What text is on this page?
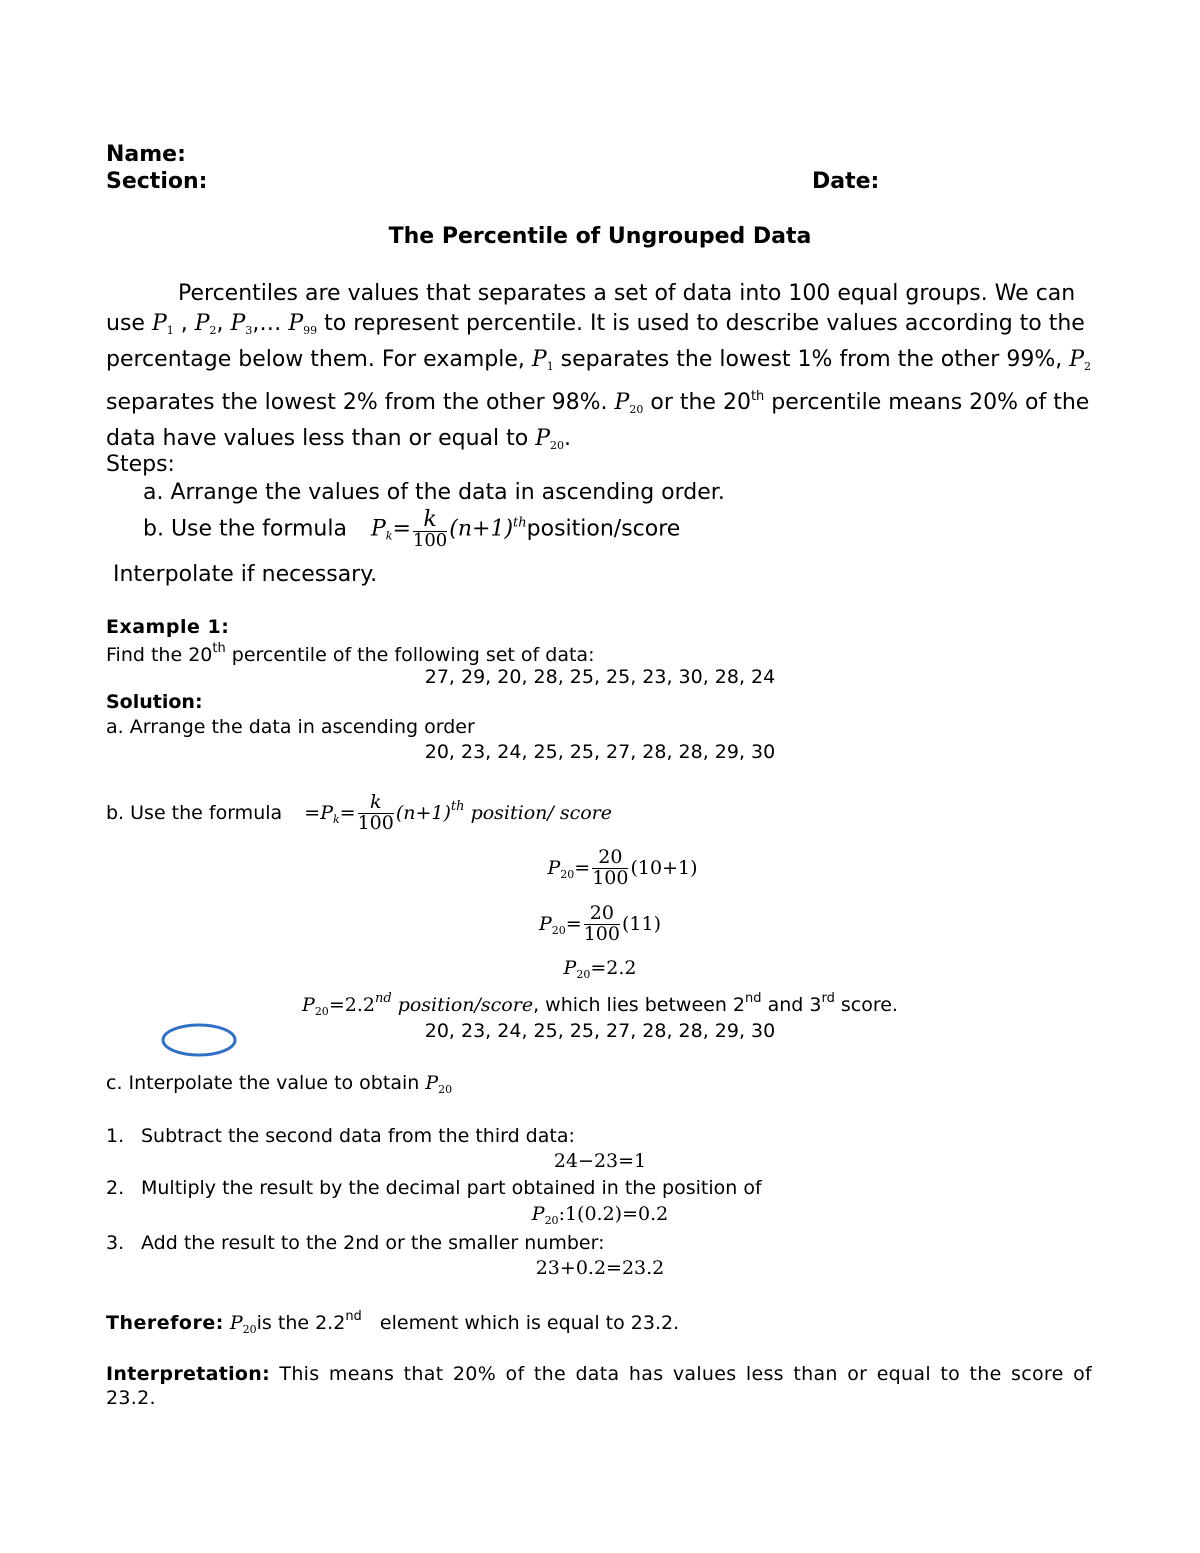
Name:
Section:	Date:
The Percentile of Ungrouped Data
Percentiles are values that separates a set of data into 100 equal groups. We can use $P_1$ , $P_2$, $P_3,\dots$ $P_{99}$ to represent percentile. It is used to describe values according to the percentage below them. For example, $P_1$ separates the lowest 1% from the other 99%, $P_2$ separates the lowest 2% from the other 98%. $P_{20}$ or the 20th percentile means 20% of the data have values less than or equal to $P_{20}$.
Steps:
a. Arrange the values of the data in ascending order.
b. Use the formula $P_k= \frac{k}{100}$ $(n+1)^{th}position$/score
Interpolate if necessary.
Example 1:
Find the 20th percentile of the following set of data:
27, 29, 20, 28, 25, 25, 23, 30, 28, 24
Solution:
a. Arrange the data in ascending order
20, 23, 24, 25, 25, 27, 28, 28, 29, 30
b. Use the formula $=P_k= \frac{k}{100} (n+1)^{th}$ position/ score
$P_{20}= \frac{20}{100} (10+1)$
$P_{20}= \frac{20}{100} (11)$
$P_{20}=2.2$
$P_{20}=2.2nd$ position/score, which lies between 2nd and 3rd score.
20, 23, 24, 25, 25, 27, 28, 28, 29, 30
c. Interpolate the value to obtain $P_{20}$
1. Subtract the second data from the third data:
24−23=1
2. Multiply the result by the decimal part obtained in the position of
$P_{20}:1(0.2)=0.2$
3. Add the result to the 2nd or the smaller number:
23+0.2=23.2
Therefore: $P_{20}is$ the 2.2nd   element which is equal to 23.2.
Interpretation: This means that 20% of the data has values less than or equal to the score of 23.2.
